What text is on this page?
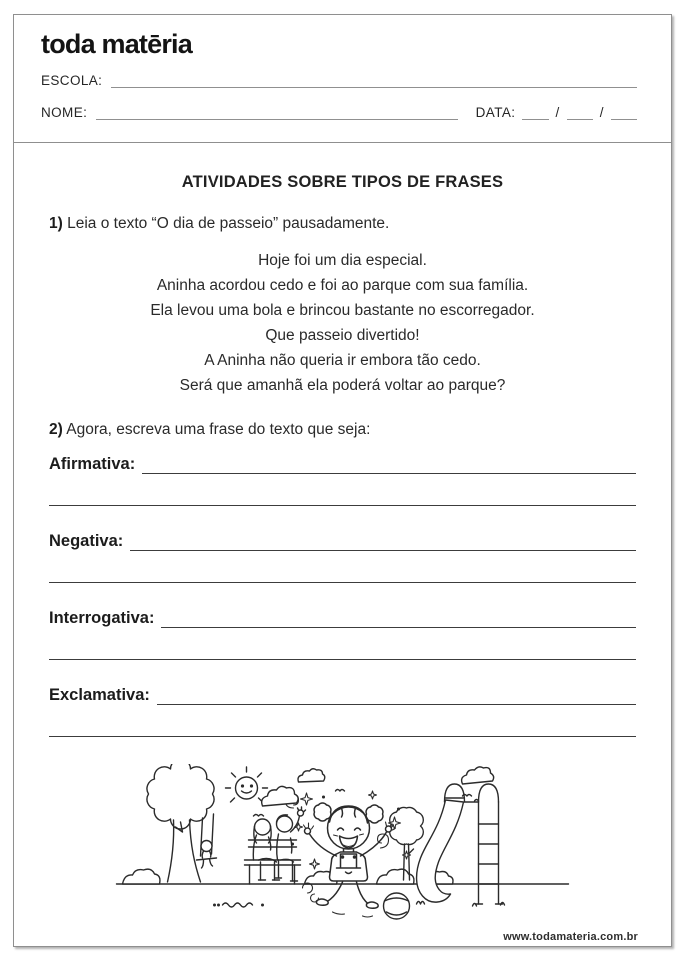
toda matēria
ESCOLA:
NOME:	DATA:	/	/
ATIVIDADES SOBRE TIPOS DE FRASES
1) Leia o texto “O dia de passeio” pausadamente.
Hoje foi um dia especial.
Aninha acordou cedo e foi ao parque com sua família.
Ela levou uma bola e brincou bastante no escorregador.
Que passeio divertido!
A Aninha não queria ir embora tão cedo.
Será que amanhã ela poderá voltar ao parque?
2) Agora, escreva uma frase do texto que seja:
Afirmativa:
Negativa:
Interrogativa:
Exclamativa:
www.todamateria.com.br
